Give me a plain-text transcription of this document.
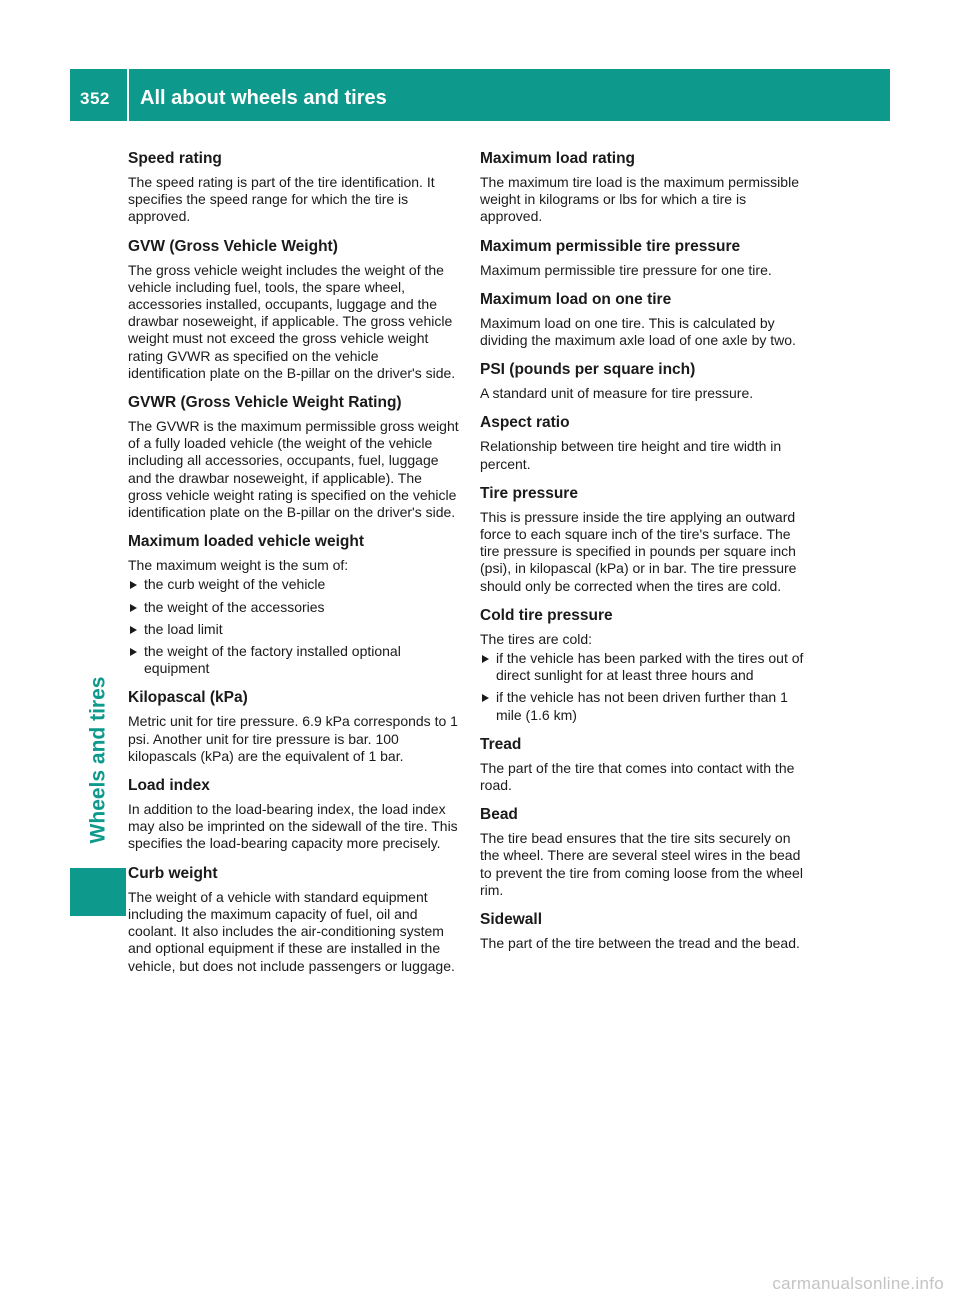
352 All about wheels and tires
Wheels and tires
Speed rating

The speed rating is part of the tire identification. It specifies the speed range for which the tire is approved.

GVW (Gross Vehicle Weight)

The gross vehicle weight includes the weight of the vehicle including fuel, tools, the spare wheel, accessories installed, occupants, luggage and the drawbar noseweight, if applicable. The gross vehicle weight must not exceed the gross vehicle weight rating GVWR as specified on the vehicle identification plate on the B-pillar on the driver's side.

GVWR (Gross Vehicle Weight Rating)

The GVWR is the maximum permissible gross weight of a fully loaded vehicle (the weight of the vehicle including all accessories, occupants, fuel, luggage and the drawbar noseweight, if applicable). The gross vehicle weight rating is specified on the vehicle identification plate on the B-pillar on the driver's side.

Maximum loaded vehicle weight

The maximum weight is the sum of:

the curb weight of the vehicle
the weight of the accessories
the load limit
the weight of the factory installed optional equipment
Kilopascal (kPa)

Metric unit for tire pressure. 6.9 kPa corresponds to 1 psi. Another unit for tire pressure is bar. 100 kilopascals (kPa) are the equivalent of 1 bar.

Load index

In addition to the load-bearing index, the load index may also be imprinted on the sidewall of the tire. This specifies the load-bearing capacity more precisely.

Curb weight

The weight of a vehicle with standard equipment including the maximum capacity of fuel, oil and coolant. It also includes the air-conditioning system and optional equipment if these are installed in the vehicle, but does not include passengers or luggage.

Maximum load rating

The maximum tire load is the maximum permissible weight in kilograms or lbs for which a tire is approved.

Maximum permissible tire pressure

Maximum permissible tire pressure for one tire.

Maximum load on one tire

Maximum load on one tire. This is calculated by dividing the maximum axle load of one axle by two.

PSI (pounds per square inch)

A standard unit of measure for tire pressure.

Aspect ratio

Relationship between tire height and tire width in percent.

Tire pressure

This is pressure inside the tire applying an outward force to each square inch of the tire's surface. The tire pressure is specified in pounds per square inch (psi), in kilopascal (kPa) or in bar. The tire pressure should only be corrected when the tires are cold.

Cold tire pressure

The tires are cold:

if the vehicle has been parked with the tires out of direct sunlight for at least three hours and
if the vehicle has not been driven further than 1 mile (1.6 km)
Tread

The part of the tire that comes into contact with the road.

Bead

The tire bead ensures that the tire sits securely on the wheel. There are several steel wires in the bead to prevent the tire from coming loose from the wheel rim.

Sidewall

The part of the tire between the tread and the bead.

carmanualsonline.info
